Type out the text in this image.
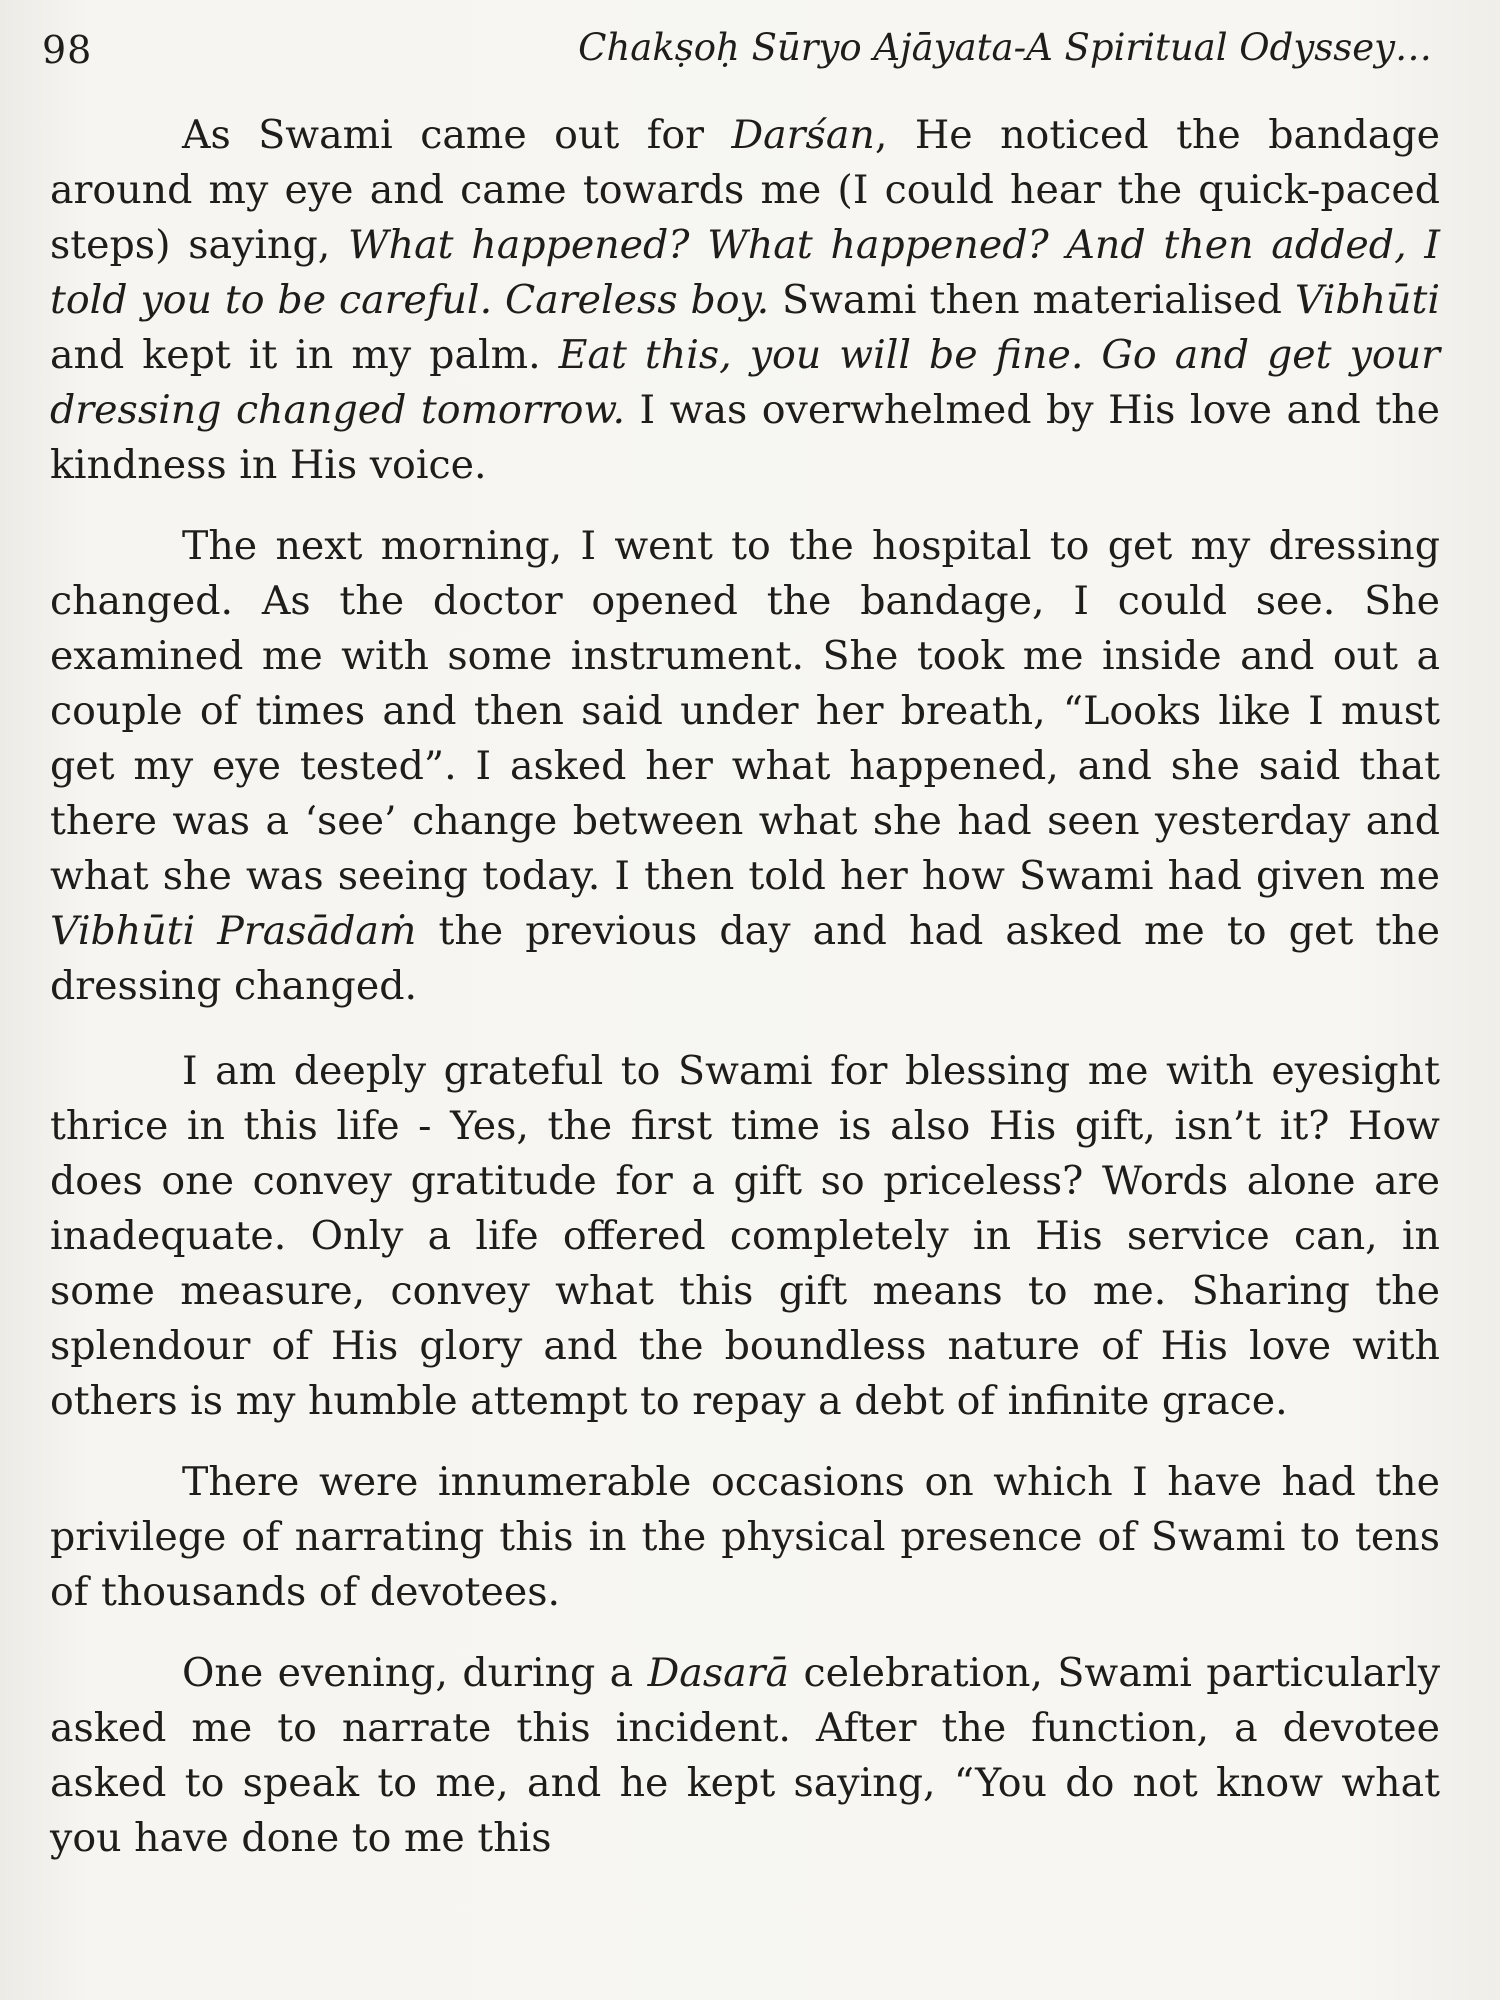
98	Chakṣoḥ Sūryo Ajāyata-A Spiritual Odyssey…

As Swami came out for Darśan, He noticed the bandage around my eye and came towards me (I could hear the quick-paced steps) saying, What happened? What happened? And then added, I told you to be careful. Careless boy. Swami then materialised Vibhūti and kept it in my palm. Eat this, you will be fine. Go and get your dressing changed tomorrow. I was overwhelmed by His love and the kindness in His voice.

The next morning, I went to the hospital to get my dressing changed. As the doctor opened the bandage, I could see. She examined me with some instrument. She took me inside and out a couple of times and then said under her breath, “Looks like I must get my eye tested”. I asked her what happened, and she said that there was a ‘see’ change between what she had seen yesterday and what she was seeing today. I then told her how Swami had given me Vibhūti Prasādaṁ the previous day and had asked me to get the dressing changed.

I am deeply grateful to Swami for blessing me with eyesight thrice in this life - Yes, the first time is also His gift, isn’t it? How does one convey gratitude for a gift so priceless? Words alone are inadequate. Only a life offered completely in His service can, in some measure, convey what this gift means to me. Sharing the splendour of His glory and the boundless nature of His love with others is my humble attempt to repay a debt of infinite grace.

There were innumerable occasions on which I have had the privilege of narrating this in the physical presence of Swami to tens of thousands of devotees.

One evening, during a Dasarā celebration, Swami particularly asked me to narrate this incident. After the function, a devotee asked to speak to me, and he kept saying, “You do not know what you have done to me this
